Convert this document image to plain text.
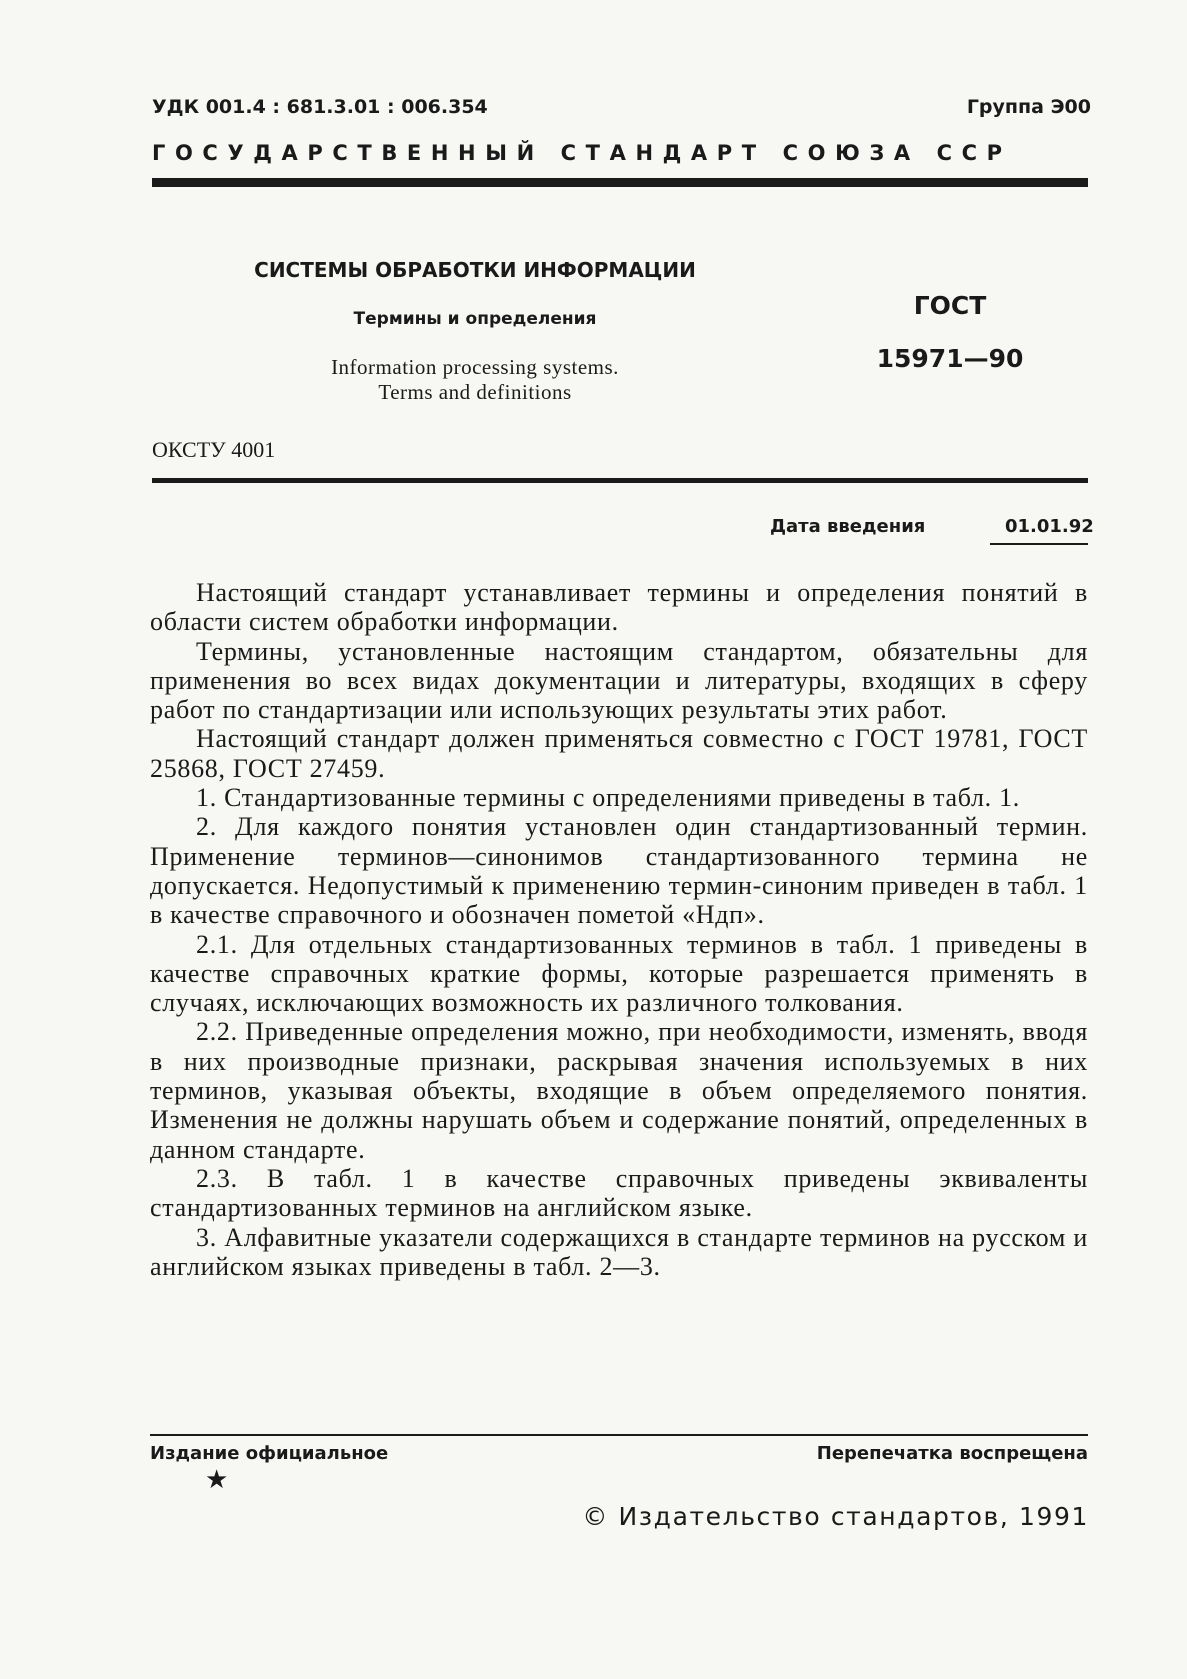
УДК 001.4 : 681.3.01 : 006.354	Группа Э00
ГОСУДАРСТВЕННЫЙ СТАНДАРТ СОЮЗА ССР
СИСТЕМЫ ОБРАБОТКИ ИНФОРМАЦИИ
Термины и определения
Information processing systems.
Terms and definitions
ГОСТ
15971—90
ОКСТУ 4001
Дата введения	01.01.92

Настоящий стандарт устанавливает термины и определения понятий в области систем обработки информации.

Термины, установленные настоящим стандартом, обязательны для применения во всех видах документации и литературы, входящих в сферу работ по стандартизации или использующих результаты этих работ.

Настоящий стандарт должен применяться совместно с ГОСТ 19781, ГОСТ 25868, ГОСТ 27459.

1. Стандартизованные термины с определениями приведены в табл. 1.

2. Для каждого понятия установлен один стандартизованный термин. Применение терминов—синонимов стандартизованного термина не допускается. Недопустимый к применению термин-синоним приведен в табл. 1 в качестве справочного и обозначен пометой «Ндп».

2.1. Для отдельных стандартизованных терминов в табл. 1 приведены в качестве справочных краткие формы, которые разрешается применять в случаях, исключающих возможность их различного толкования.

2.2. Приведенные определения можно, при необходимости, изменять, вводя в них производные признаки, раскрывая значения используемых в них терминов, указывая объекты, входящие в объем определяемого понятия. Изменения не должны нарушать объем и содержание понятий, определенных в данном стандарте.

2.3. В табл. 1 в качестве справочных приведены эквиваленты стандартизованных терминов на английском языке.

3. Алфавитные указатели содержащихся в стандарте терминов на русском и английском языках приведены в табл. 2—3.

Издание официальное	Перепечатка воспрещена
★
© Издательство стандартов, 1991
